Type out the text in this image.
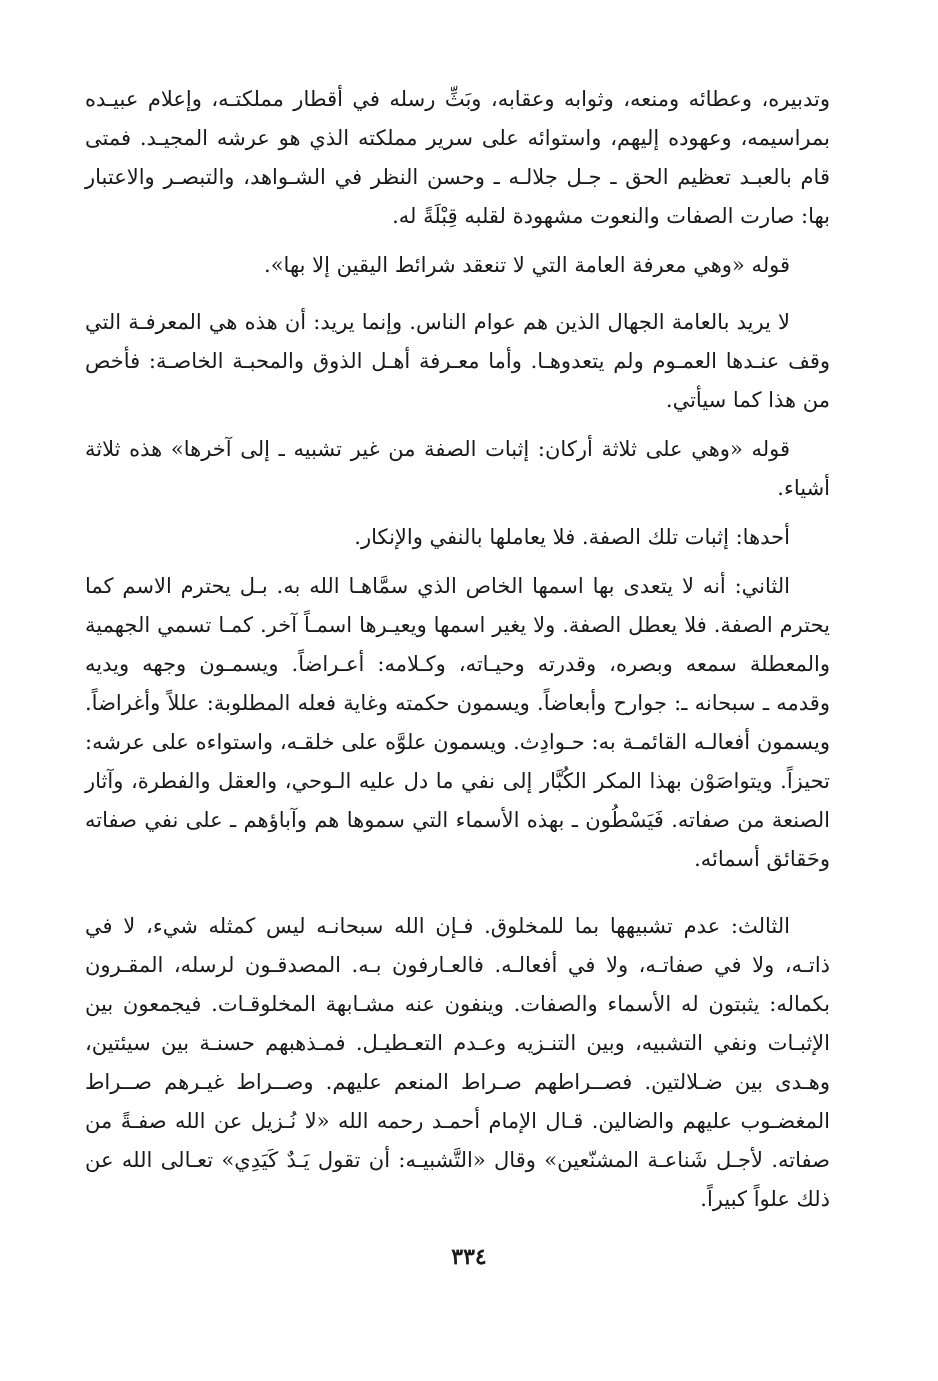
وتدبيره، وعطائه ومنعه، وثوابه وعقابه، وبَثِّ رسله في أقطار مملكتـه، وإعلام عبيـده بمراسيمه، وعهوده إليهم، واستوائه على سرير مملكته الذي هو عرشه المجيـد. فمتى قام بالعبـد تعظيم الحق ـ جـل جلالـه ـ وحسن النظر في الشـواهد، والتبصـر والاعتبار بها: صارت الصفات والنعوت مشهودة لقلبه قِبْلَةً له.

قوله «وهي معرفة العامة التي لا تنعقد شرائط اليقين إلا بها».

لا يريد بالعامة الجهال الذين هم عوام الناس. وإنما يريد: أن هذه هي المعرفـة التي وقف عنـدها العمـوم ولم يتعدوهـا. وأما معـرفة أهـل الذوق والمحبـة الخاصـة: فأخص من هذا كما سيأتي.

قوله «وهي على ثلاثة أركان: إثبات الصفة من غير تشبيه ـ إلى آخرها» هذه ثلاثة أشياء.

أحدها: إثبات تلك الصفة. فلا يعاملها بالنفي والإنكار.

الثاني: أنه لا يتعدى بها اسمها الخاص الذي سمَّاهـا الله به. بـل يحترم الاسم كما يحترم الصفة. فلا يعطل الصفة. ولا يغير اسمها ويعيـرها اسمـاً آخر. كمـا تسمي الجهمية والمعطلة سمعه وبصره، وقدرته وحيـاته، وكـلامه: أعـراضاً. ويسمـون وجهه ويديه وقدمه ـ سبحانه ـ: جوارح وأبعاضاً. ويسمون حكمته وغاية فعله المطلوبة: عللاً وأغراضاً. ويسمون أفعالـه القائمـة به: حـوادِث. ويسمون علوَّه على خلقـه، واستواءه على عرشه: تحيزاً. ويتواصَوْن بهذا المكر الكُبَّار إلى نفي ما دل عليه الـوحي، والعقل والفطرة، وآثار الصنعة من صفاته. فَيَسْطُون ـ بهذه الأسماء التي سموها هم وآباؤهم ـ على نفي صفاته وحَقائق أسمائه.

الثالث: عدم تشبيهها بما للمخلوق. فـإن الله سبحانـه ليس كمثله شيء، لا في ذاتـه، ولا في صفاتـه، ولا في أفعالـه. فالعـارفون بـه. المصدقـون لرسله، المقـرون بكماله: يثبتون له الأسماء والصفات. وينفون عنه مشـابهة المخلوقـات. فيجمعون بين الإثبـات ونفي التشبيه، وبين التنـزيه وعـدم التعـطيـل. فمـذهبهم حسنـة بين سيئتين، وهـدى بين ضـلالتين. فصــراطهم صـراط المنعم عليهم. وصــراط غيـرهم صــراط المغضـوب عليهم والضالين. قـال الإمام أحمـد رحمه الله «لا نُـزيل عن الله صفـةً من صفاته. لأجـل شَناعـة المشنّعين» وقال «التَّشبيـه: أن تقول يَـدٌ كَيَدِي» تعـالى الله عن ذلك علواً كبيراً.

٣٣٤
